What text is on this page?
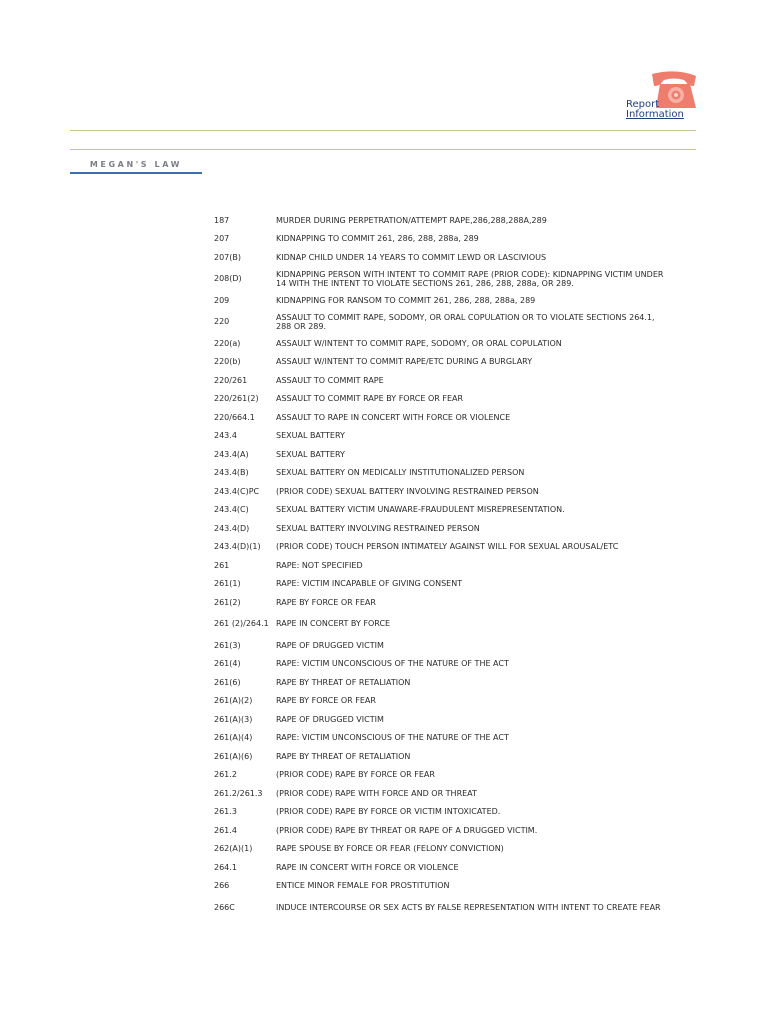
Report
Information
MEGAN'S LAW
187	MURDER DURING PERPETRATION/ATTEMPT RAPE,286,288,288A,289
207	KIDNAPPING TO COMMIT 261, 286, 288, 288a, 289
207(B)	KIDNAP CHILD UNDER 14 YEARS TO COMMIT LEWD OR LASCIVIOUS
208(D)	KIDNAPPING PERSON WITH INTENT TO COMMIT RAPE (PRIOR CODE): KIDNAPPING VICTIM UNDER 14 WITH THE INTENT TO VIOLATE SECTIONS 261, 286, 288, 288a, OR 289.
209	KIDNAPPING FOR RANSOM TO COMMIT 261, 286, 288, 288a, 289
220	ASSAULT TO COMMIT RAPE, SODOMY, OR ORAL COPULATION OR TO VIOLATE SECTIONS 264.1, 288 OR 289.
220(a)	ASSAULT W/INTENT TO COMMIT RAPE, SODOMY, OR ORAL COPULATION
220(b)	ASSAULT W/INTENT TO COMMIT RAPE/ETC DURING A BURGLARY
220/261	ASSAULT TO COMMIT RAPE
220/261(2)	ASSAULT TO COMMIT RAPE BY FORCE OR FEAR
220/664.1	ASSAULT TO RAPE IN CONCERT WITH FORCE OR VIOLENCE
243.4	SEXUAL BATTERY
243.4(A)	SEXUAL BATTERY
243.4(B)	SEXUAL BATTERY ON MEDICALLY INSTITUTIONALIZED PERSON
243.4(C)PC	(PRIOR CODE) SEXUAL BATTERY INVOLVING RESTRAINED PERSON
243.4(C)	SEXUAL BATTERY VICTIM UNAWARE-FRAUDULENT MISREPRESENTATION.
243.4(D)	SEXUAL BATTERY INVOLVING RESTRAINED PERSON
243.4(D)(1)	(PRIOR CODE) TOUCH PERSON INTIMATELY AGAINST WILL FOR SEXUAL AROUSAL/ETC
261	RAPE: NOT SPECIFIED
261(1)	RAPE: VICTIM INCAPABLE OF GIVING CONSENT
261(2)	RAPE BY FORCE OR FEAR
261 (2)/264.1	RAPE IN CONCERT BY FORCE
261(3)	RAPE OF DRUGGED VICTIM
261(4)	RAPE: VICTIM UNCONSCIOUS OF THE NATURE OF THE ACT
261(6)	RAPE BY THREAT OF RETALIATION
261(A)(2)	RAPE BY FORCE OR FEAR
261(A)(3)	RAPE OF DRUGGED VICTIM
261(A)(4)	RAPE: VICTIM UNCONSCIOUS OF THE NATURE OF THE ACT
261(A)(6)	RAPE BY THREAT OF RETALIATION
261.2	(PRIOR CODE) RAPE BY FORCE OR FEAR
261.2/261.3	(PRIOR CODE) RAPE WITH FORCE AND OR THREAT
261.3	(PRIOR CODE) RAPE BY FORCE OR VICTIM INTOXICATED.
261.4	(PRIOR CODE) RAPE BY THREAT OR RAPE OF A DRUGGED VICTIM.
262(A)(1)	RAPE SPOUSE BY FORCE OR FEAR (FELONY CONVICTION)
264.1	RAPE IN CONCERT WITH FORCE OR VIOLENCE
266	ENTICE MINOR FEMALE FOR PROSTITUTION
266C	INDUCE INTERCOURSE OR SEX ACTS BY FALSE REPRESENTATION WITH INTENT TO CREATE FEAR
